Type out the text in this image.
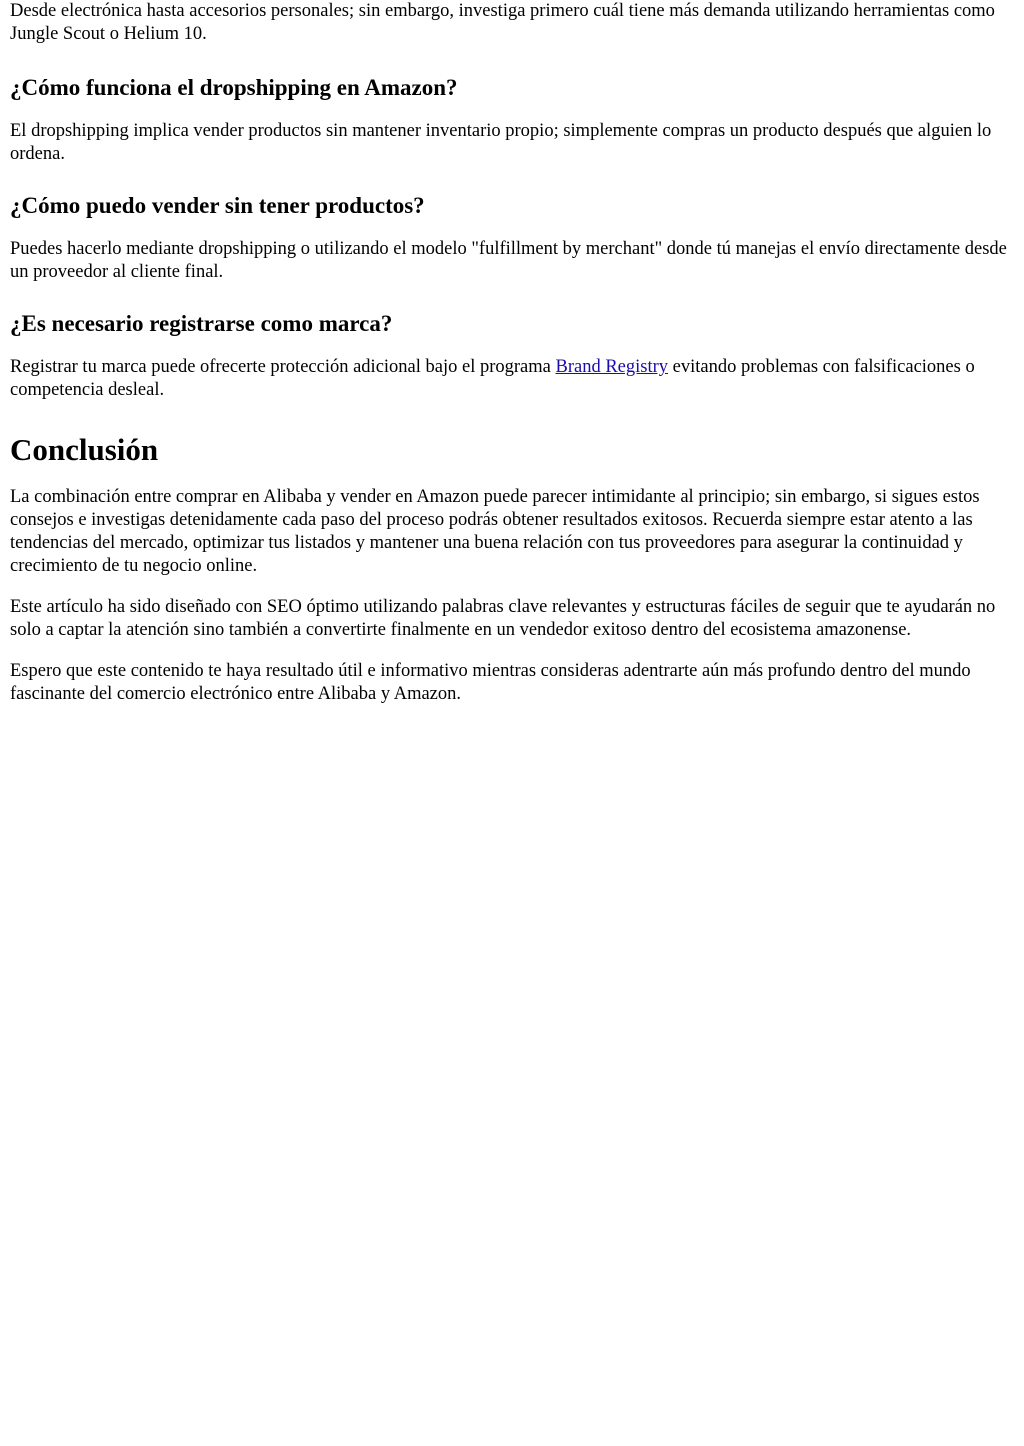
Desde electrónica hasta accesorios personales; sin embargo, investiga primero cuál tiene más demanda utilizando herramientas como Jungle Scout o Helium 10.

¿Cómo funciona el dropshipping en Amazon?

El dropshipping implica vender productos sin mantener inventario propio; simplemente compras un producto después que alguien lo ordena.

¿Cómo puedo vender sin tener productos?

Puedes hacerlo mediante dropshipping o utilizando el modelo "fulfillment by merchant" donde tú manejas el envío directamente desde un proveedor al cliente final.

¿Es necesario registrarse como marca?

Registrar tu marca puede ofrecerte protección adicional bajo el programa Brand Registry evitando problemas con falsificaciones o competencia desleal.

Conclusión

La combinación entre comprar en Alibaba y vender en Amazon puede parecer intimidante al principio; sin embargo, si sigues estos consejos e investigas detenidamente cada paso del proceso podrás obtener resultados exitosos. Recuerda siempre estar atento a las tendencias del mercado, optimizar tus listados y mantener una buena relación con tus proveedores para asegurar la continuidad y crecimiento de tu negocio online.

Este artículo ha sido diseñado con SEO óptimo utilizando palabras clave relevantes y estructuras fáciles de seguir que te ayudarán no solo a captar la atención sino también a convertirte finalmente en un vendedor exitoso dentro del ecosistema amazonense.

Espero que este contenido te haya resultado útil e informativo mientras consideras adentrarte aún más profundo dentro del mundo fascinante del comercio electrónico entre Alibaba y Amazon.
